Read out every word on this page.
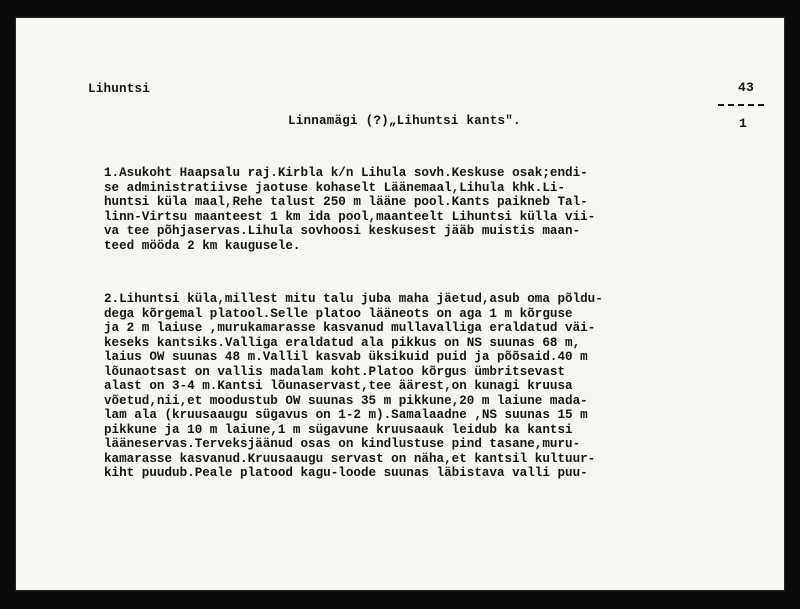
Lihuntsi	43
1
Linnamägi (?)„Lihuntsi kants".
1.Asukoht Haapsalu raj.Kirbla k/n Lihula sovh.Keskuse osak;endi-
se administratiivse jaotuse kohaselt Läänemaal,Lihula khk.Li-
huntsi küla maal,Rehe talust 250 m lääne pool.Kants paikneb Tal-
linn-Virtsu maanteest 1 km ida pool,maanteelt Lihuntsi külla vii-
va tee põhjaservas.Lihula sovhoosi keskusest jääb muistis maan-
teed mööda 2 km kaugusele.
2.Lihuntsi küla,millest mitu talu juba maha jäetud,asub oma põldu-
dega kõrgemal platool.Selle platoo lääneots on aga 1 m kõrguse
ja 2 m laiuse ,murukamarasse kasvanud mullavalliga eraldatud väi-
keseks kantsiks.Valliga eraldatud ala pikkus on NS suunas 68 m,
laius OW suunas 48 m.Vallil kasvab üksikuid puid ja põõsaid.40 m
lõunaotsast on vallis madalam koht.Platoo kõrgus ümbritsevast
alast on 3-4 m.Kantsi lõunaservast,tee äärest,on kunagi kruusa
võetud,nii,et moodustub OW suunas 35 m pikkune,20 m laiune mada-
lam ala (kruusaaugu sügavus on 1-2 m).Samalaadne ,NS suunas 15 m
pikkune ja 10 m laiune,1 m sügavune kruusaauk leidub ka kantsi
lääneservas.Terveksjäänud osas on kindlustuse pind tasane,muru-
kamarasse kasvanud.Kruusaaugu servast on näha,et kantsil kultuur-
kiht puudub.Peale platood kagu-loode suunas läbistava valli puu-
